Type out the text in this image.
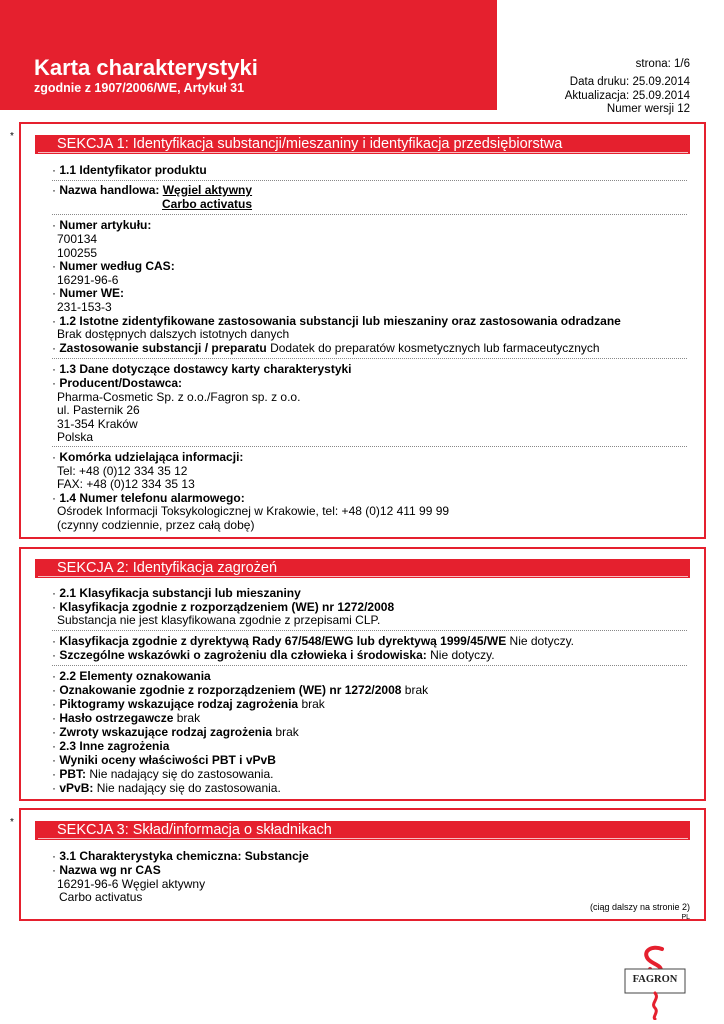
Karta charakterystyki
zgodnie z 1907/2006/WE, Artykuł 31
strona: 1/6
Data druku: 25.09.2014
Aktualizacja: 25.09.2014
Numer wersji 12
*	SEKCJA 1: Identyfikacja substancji/mieszaniny i identyfikacja przedsiębiorstwa
· 1.1 Identyfikator produktu
· Nazwa handlowa: Węgiel aktywny
Carbo activatus
· Numer artykułu:
700134
100255
· Numer według CAS:
16291-96-6
· Numer WE:
231-153-3
· 1.2 Istotne zidentyfikowane zastosowania substancji lub mieszaniny oraz zastosowania odradzane
Brak dostępnych dalszych istotnych danych
· Zastosowanie substancji / preparatu Dodatek do preparatów kosmetycznych lub farmaceutycznych
· 1.3 Dane dotyczące dostawcy karty charakterystyki
· Producent/Dostawca:
Pharma-Cosmetic Sp. z o.o./Fagron sp. z o.o.
ul. Pasternik 26
31-354 Kraków
Polska
· Komórka udzielająca informacji:
Tel: +48 (0)12 334 35 12
FAX: +48 (0)12 334 35 13
· 1.4 Numer telefonu alarmowego:
Ośrodek Informacji Toksykologicznej w Krakowie, tel: +48 (0)12 411 99 99
(czynny codziennie, przez całą dobę)
SEKCJA 2: Identyfikacja zagrożeń
· 2.1 Klasyfikacja substancji lub mieszaniny
· Klasyfikacja zgodnie z rozporządzeniem (WE) nr 1272/2008
Substancja nie jest klasyfikowana zgodnie z przepisami CLP.
· Klasyfikacja zgodnie z dyrektywą Rady 67/548/EWG lub dyrektywą 1999/45/WE Nie dotyczy.
· Szczególne wskazówki o zagrożeniu dla człowieka i środowiska: Nie dotyczy.
· 2.2 Elementy oznakowania
· Oznakowanie zgodnie z rozporządzeniem (WE) nr 1272/2008 brak
· Piktogramy wskazujące rodzaj zagrożenia brak
· Hasło ostrzegawcze brak
· Zwroty wskazujące rodzaj zagrożenia brak
· 2.3 Inne zagrożenia
· Wyniki oceny właściwości PBT i vPvB
· PBT: Nie nadający się do zastosowania.
· vPvB: Nie nadający się do zastosowania.
*	SEKCJA 3: Skład/informacja o składnikach
· 3.1 Charakterystyka chemiczna: Substancje
· Nazwa wg nr CAS
16291-96-6 Węgiel aktywny
Carbo activatus
(ciąg dalszy na stronie 2)
PL
FAGRON
